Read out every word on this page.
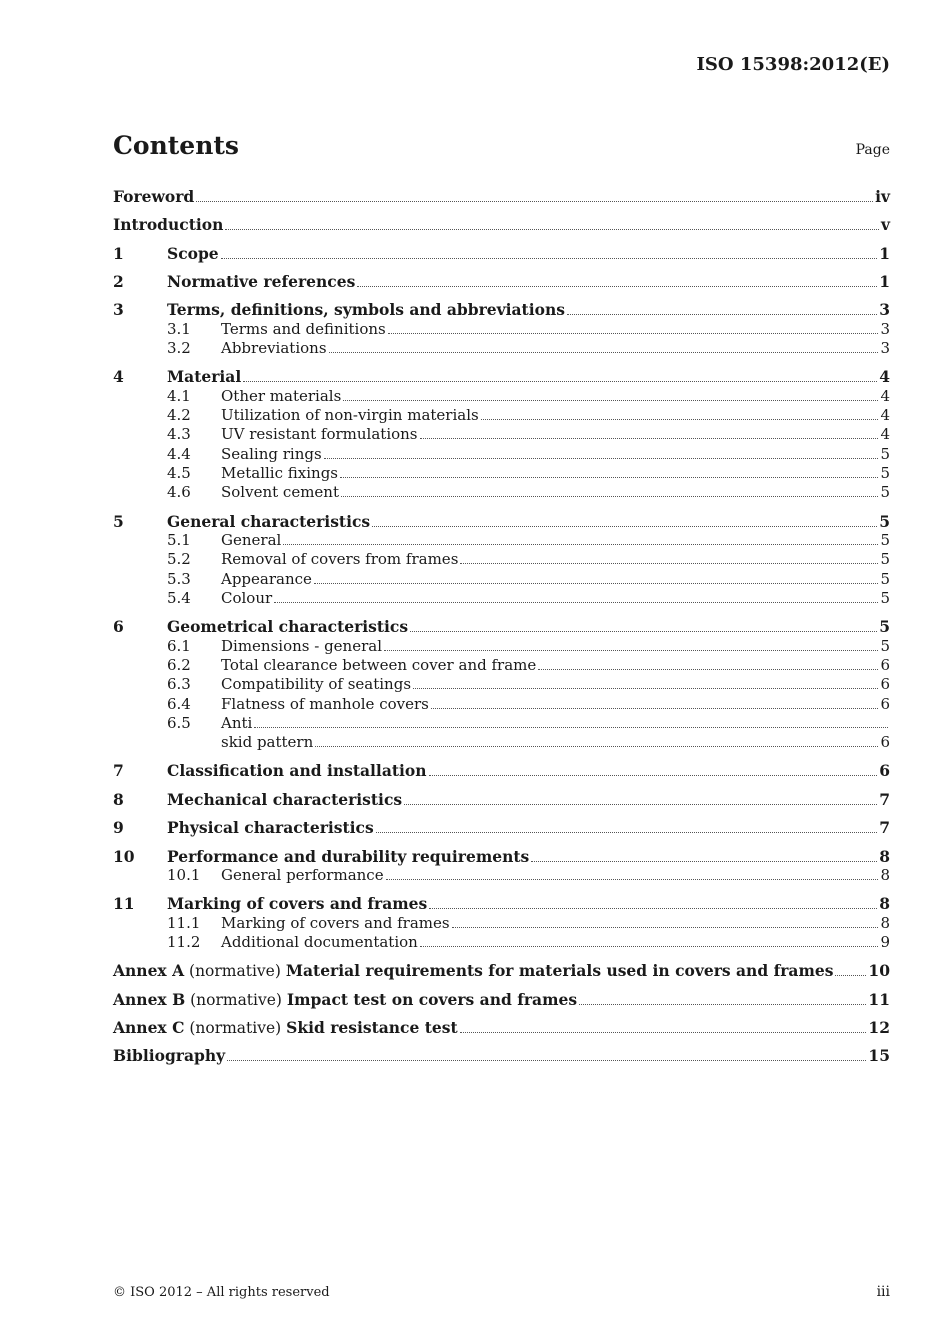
ISO 15398:2012(E)
Contents	Page
Foreword	iv
Introduction	v
1	Scope	1
2	Normative references	1
3	Terms, definitions, symbols and abbreviations	3
3.1	Terms and definitions	3
3.2	Abbreviations	3
4	Material	4
4.1	Other materials	4
4.2	Utilization of non-virgin materials	4
4.3	UV resistant formulations	4
4.4	Sealing rings	5
4.5	Metallic fixings	5
4.6	Solvent cement	5
5	General characteristics	5
5.1	General	5
5.2	Removal of covers from frames	5
5.3	Appearance	5
5.4	Colour	5
6	Geometrical characteristics	5
6.1	Dimensions - general	5
6.2	Total clearance between cover and frame	6
6.3	Compatibility of seatings	6
6.4	Flatness of manhole covers	6
6.5	Anti
skid pattern	6
7	Classification and installation	6
8	Mechanical characteristics	7
9	Physical characteristics	7
10	Performance and durability requirements	8
10.1	General performance	8
11	Marking of covers and frames	8
11.1	Marking of covers and frames	8
11.2	Additional documentation	9
Annex A (normative) Material requirements for materials used in covers and frames 10
Annex B (normative) Impact test on covers and frames	11
Annex C (normative) Skid resistance test	12
Bibliography	15
© ISO 2012 – All rights reserved	iii
